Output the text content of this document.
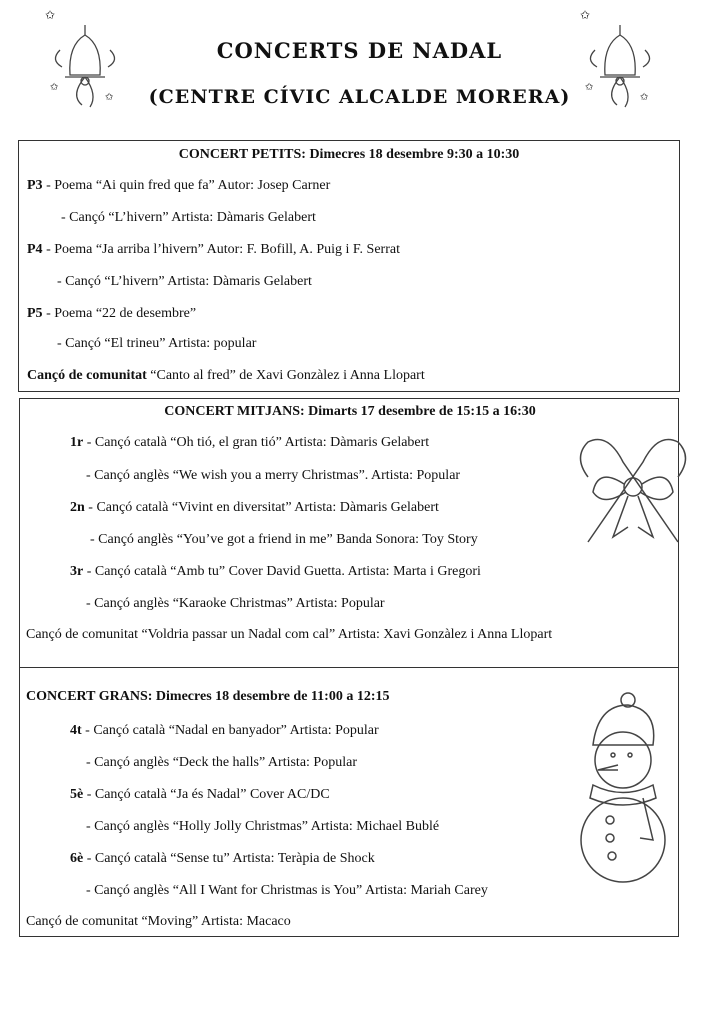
✩
✩
✩
✩
✩
✩
CONCERTS DE NADAL
(CENTRE CÍVIC ALCALDE MORERA)
CONCERT PETITS: Dimecres 18 desembre 9:30 a 10:30
P3 - Poema “Ai quin fred que fa” Autor: Josep Carner
- Cançó “L’hivern” Artista: Dàmaris Gelabert
P4 - Poema “Ja arriba l’hivern” Autor: F. Bofill, A. Puig i F. Serrat
- Cançó “L’hivern” Artista: Dàmaris Gelabert
P5 - Poema “22 de desembre”
- Cançó “El trineu” Artista: popular
Cançó de comunitat “Canto al fred” de Xavi Gonzàlez i Anna Llopart
CONCERT MITJANS: Dimarts 17 desembre de 15:15 a 16:30
1r - Cançó català “Oh tió, el gran tió” Artista: Dàmaris Gelabert
- Cançó anglès “We wish you a merry Christmas”. Artista: Popular
2n - Cançó català “Vivint en diversitat” Artista: Dàmaris Gelabert
- Cançó anglès “You’ve got a friend in me” Banda Sonora: Toy Story
3r - Cançó català “Amb tu” Cover David Guetta. Artista: Marta i Gregori
- Cançó anglès “Karaoke Christmas” Artista: Popular
Cançó de comunitat “Voldria passar un Nadal com cal” Artista: Xavi Gonzàlez i Anna Llopart
CONCERT GRANS: Dimecres 18 desembre de 11:00 a 12:15
4t - Cançó català “Nadal en banyador” Artista: Popular
- Cançó anglès “Deck the halls” Artista: Popular
5è - Cançó català “Ja és Nadal” Cover AC/DC
- Cançó anglès “Holly Jolly Christmas” Artista: Michael Bublé
6è - Cançó català “Sense tu” Artista: Teràpia de Shock
- Cançó anglès “All I Want for Christmas is You” Artista: Mariah Carey
Cançó de comunitat “Moving” Artista: Macaco
